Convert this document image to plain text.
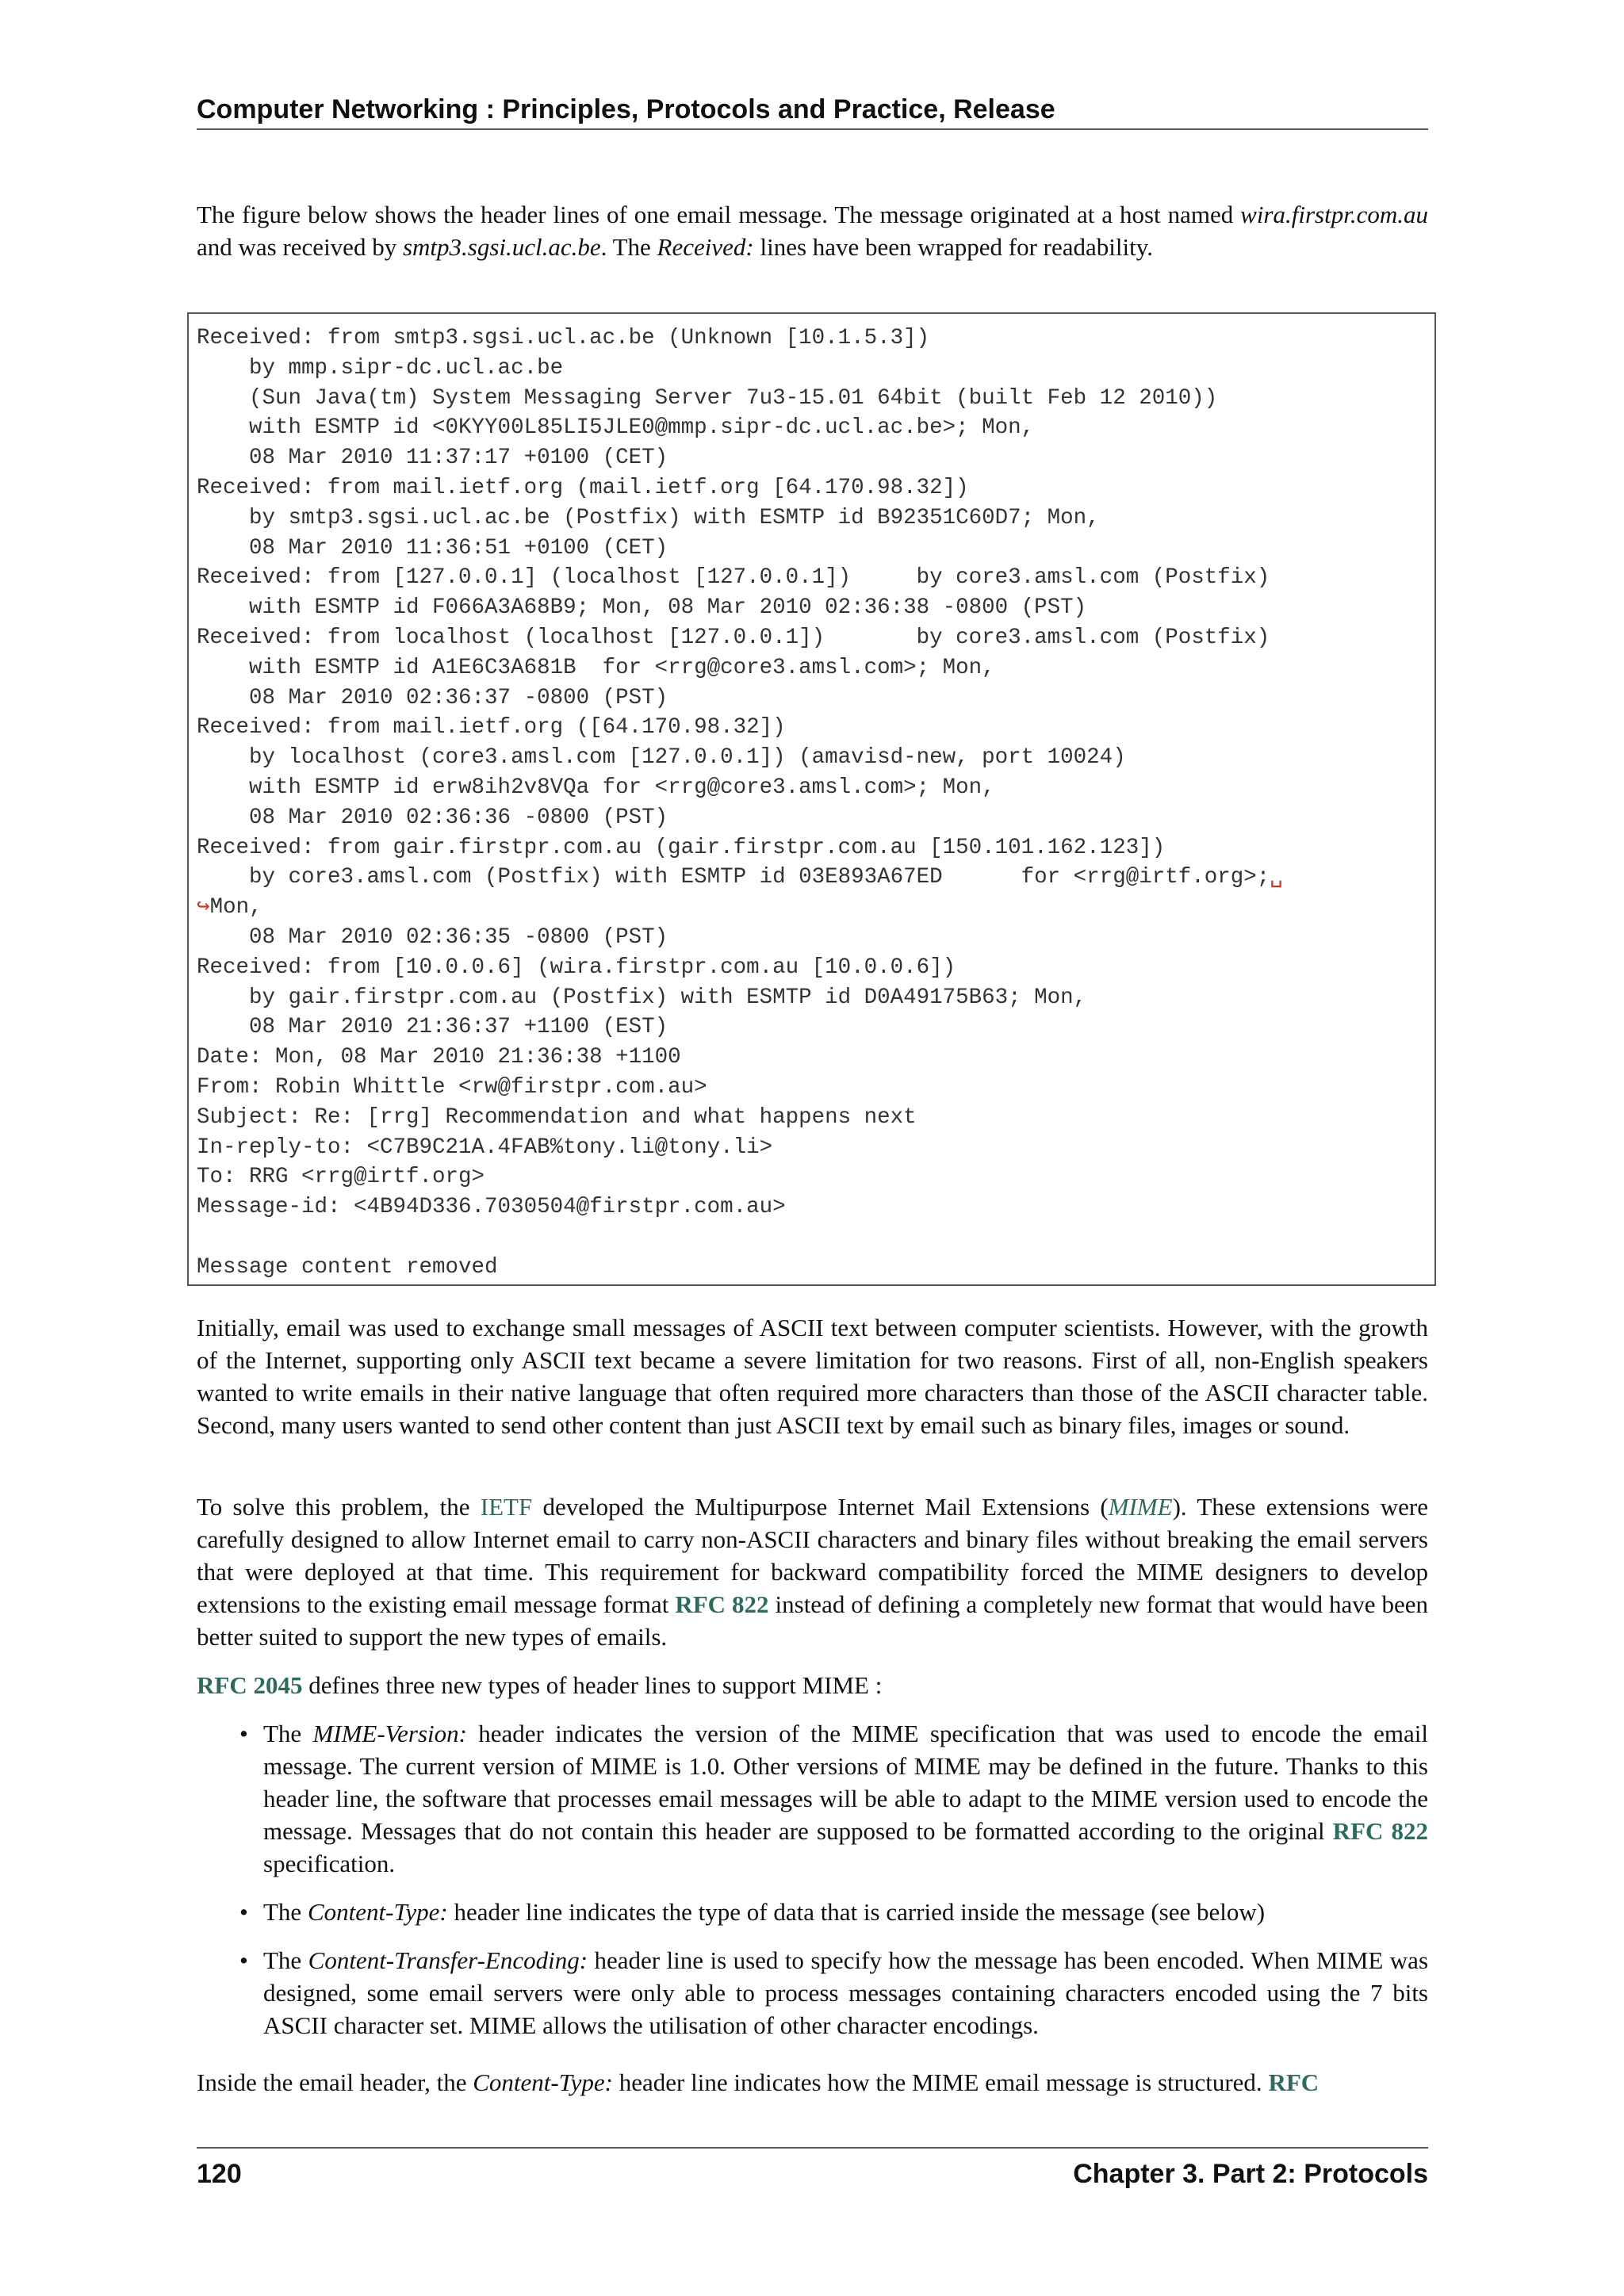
Computer Networking : Principles, Protocols and Practice, Release

The figure below shows the header lines of one email message. The message originated at a host named wira.firstpr.com.au and was received by smtp3.sgsi.ucl.ac.be. The Received: lines have been wrapped for readability.

Received: from smtp3.sgsi.ucl.ac.be (Unknown [10.1.5.3])
by mmp.sipr-dc.ucl.ac.be
(Sun Java(tm) System Messaging Server 7u3-15.01 64bit (built Feb 12 2010))
with ESMTP id <0KYY00L85LI5JLE0@mmp.sipr-dc.ucl.ac.be>; Mon,
08 Mar 2010 11:37:17 +0100 (CET)
Received: from mail.ietf.org (mail.ietf.org [64.170.98.32])
by smtp3.sgsi.ucl.ac.be (Postfix) with ESMTP id B92351C60D7; Mon,
08 Mar 2010 11:36:51 +0100 (CET)
Received: from [127.0.0.1] (localhost [127.0.0.1])     by core3.amsl.com (Postfix)
with ESMTP id F066A3A68B9; Mon, 08 Mar 2010 02:36:38 -0800 (PST)
Received: from localhost (localhost [127.0.0.1])       by core3.amsl.com (Postfix)
with ESMTP id A1E6C3A681B  for <rrg@core3.amsl.com>; Mon,
08 Mar 2010 02:36:37 -0800 (PST)
Received: from mail.ietf.org ([64.170.98.32])
by localhost (core3.amsl.com [127.0.0.1]) (amavisd-new, port 10024)
with ESMTP id erw8ih2v8VQa for <rrg@core3.amsl.com>; Mon,
08 Mar 2010 02:36:36 -0800 (PST)
Received: from gair.firstpr.com.au (gair.firstpr.com.au [150.101.162.123])
by core3.amsl.com (Postfix) with ESMTP id 03E893A67ED      for <rrg@irtf.org>;␣
↪Mon,
08 Mar 2010 02:36:35 -0800 (PST)
Received: from [10.0.0.6] (wira.firstpr.com.au [10.0.0.6])
by gair.firstpr.com.au (Postfix) with ESMTP id D0A49175B63; Mon,
08 Mar 2010 21:36:37 +1100 (EST)
Date: Mon, 08 Mar 2010 21:36:38 +1100
From: Robin Whittle <rw@firstpr.com.au>
Subject: Re: [rrg] Recommendation and what happens next
In-reply-to: <C7B9C21A.4FAB%tony.li@tony.li>
To: RRG <rrg@irtf.org>
Message-id: <4B94D336.7030504@firstpr.com.au>
Message content removed

Initially, email was used to exchange small messages of ASCII text between computer scientists. However, with the growth of the Internet, supporting only ASCII text became a severe limitation for two reasons. First of all, non-English speakers wanted to write emails in their native language that often required more characters than those of the ASCII character table. Second, many users wanted to send other content than just ASCII text by email such as binary files, images or sound.

To solve this problem, the IETF developed the Multipurpose Internet Mail Extensions (MIME). These extensions were carefully designed to allow Internet email to carry non-ASCII characters and binary files without breaking the email servers that were deployed at that time. This requirement for backward compatibility forced the MIME designers to develop extensions to the existing email message format RFC 822 instead of defining a completely new format that would have been better suited to support the new types of emails.

RFC 2045 defines three new types of header lines to support MIME :

• The MIME-Version: header indicates the version of the MIME specification that was used to encode the email message. The current version of MIME is 1.0. Other versions of MIME may be defined in the future. Thanks to this header line, the software that processes email messages will be able to adapt to the MIME version used to encode the message. Messages that do not contain this header are supposed to be formatted according to the original RFC 822 specification.
• The Content-Type: header line indicates the type of data that is carried inside the message (see below)
• The Content-Transfer-Encoding: header line is used to specify how the message has been encoded. When MIME was designed, some email servers were only able to process messages containing characters encoded using the 7 bits ASCII character set. MIME allows the utilisation of other character encodings.

Inside the email header, the Content-Type: header line indicates how the MIME email message is structured. RFC

120	Chapter 3. Part 2: Protocols
